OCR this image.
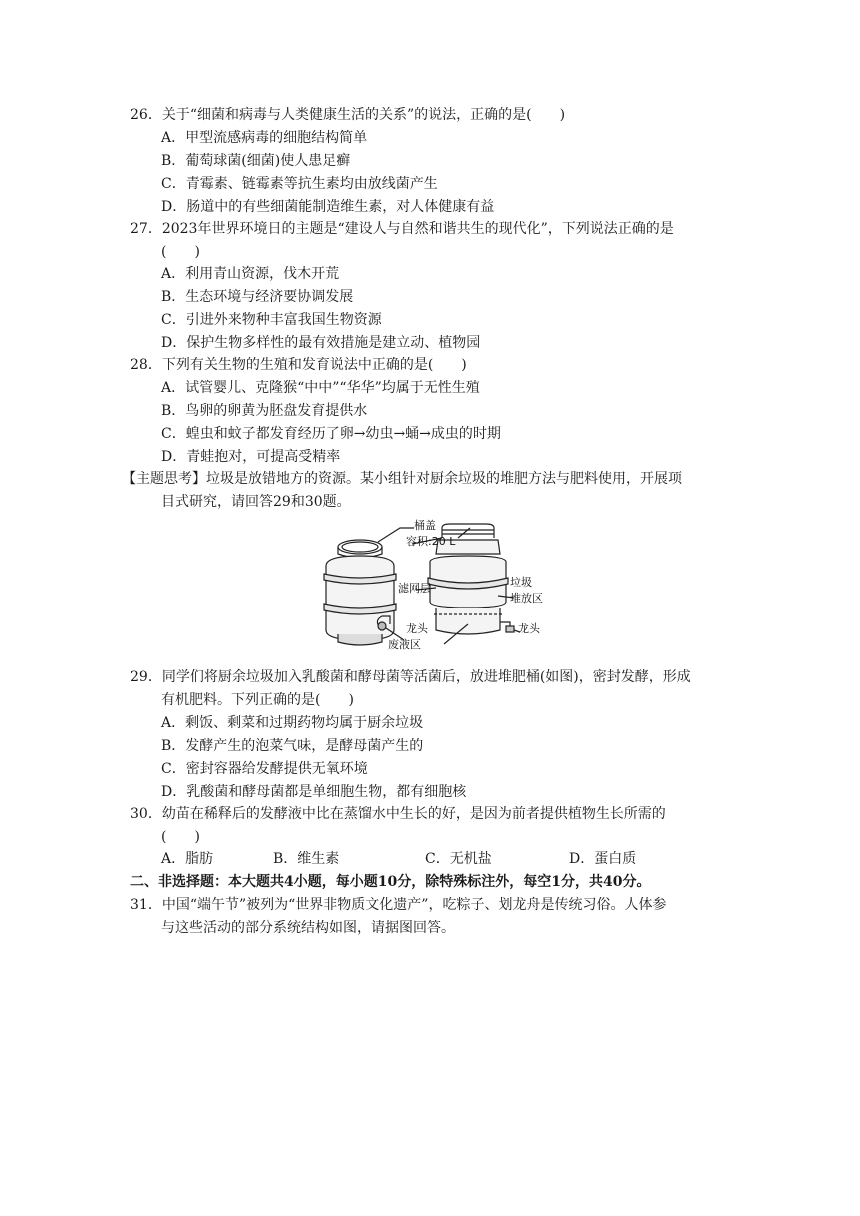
26．关于“细菌和病毒与人类健康生活的关系”的说法，正确的是(　　)
A．甲型流感病毒的细胞结构简单
B．葡萄球菌(细菌)使人患足癣
C．青霉素、链霉素等抗生素均由放线菌产生
D．肠道中的有些细菌能制造维生素，对人体健康有益
27．2023年世界环境日的主题是“建设人与自然和谐共生的现代化”，下列说法正确的是
(　　)
A．利用青山资源，伐木开荒
B．生态环境与经济要协调发展
C．引进外来物种丰富我国生物资源
D．保护生物多样性的最有效措施是建立动、植物园
28．下列有关生物的生殖和发育说法中正确的是(　　)
A．试管婴儿、克隆猴“中中”“华华”均属于无性生殖
B．鸟卵的卵黄为胚盘发育提供水
C．蝗虫和蚊子都发育经历了卵→幼虫→蛹→成虫的时期
D．青蛙抱对，可提高受精率
【主题思考】垃圾是放错地方的资源。某小组针对厨余垃圾的堆肥方法与肥料使用，开展项
目式研究，请回答29和30题。
桶盖
容积:20 L
滤网层	垃圾
堆放区
龙头	龙头
废液区
29．同学们将厨余垃圾加入乳酸菌和酵母菌等活菌后，放进堆肥桶(如图)，密封发酵，形成
有机肥料。下列正确的是(　　)
A．剩饭、剩菜和过期药物均属于厨余垃圾
B．发酵产生的泡菜气味，是酵母菌产生的
C．密封容器给发酵提供无氧环境
D．乳酸菌和酵母菌都是单细胞生物，都有细胞核
30．幼苗在稀释后的发酵液中比在蒸馏水中生长的好，是因为前者提供植物生长所需的
(　　)
A．脂肪	B．维生素	C．无机盐	D．蛋白质
二、非选择题：本大题共4小题，每小题10分，除特殊标注外，每空1分，共40分。
31．中国“端午节”被列为“世界非物质文化遗产”，吃粽子、划龙舟是传统习俗。人体参
与这些活动的部分系统结构如图，请据图回答。
